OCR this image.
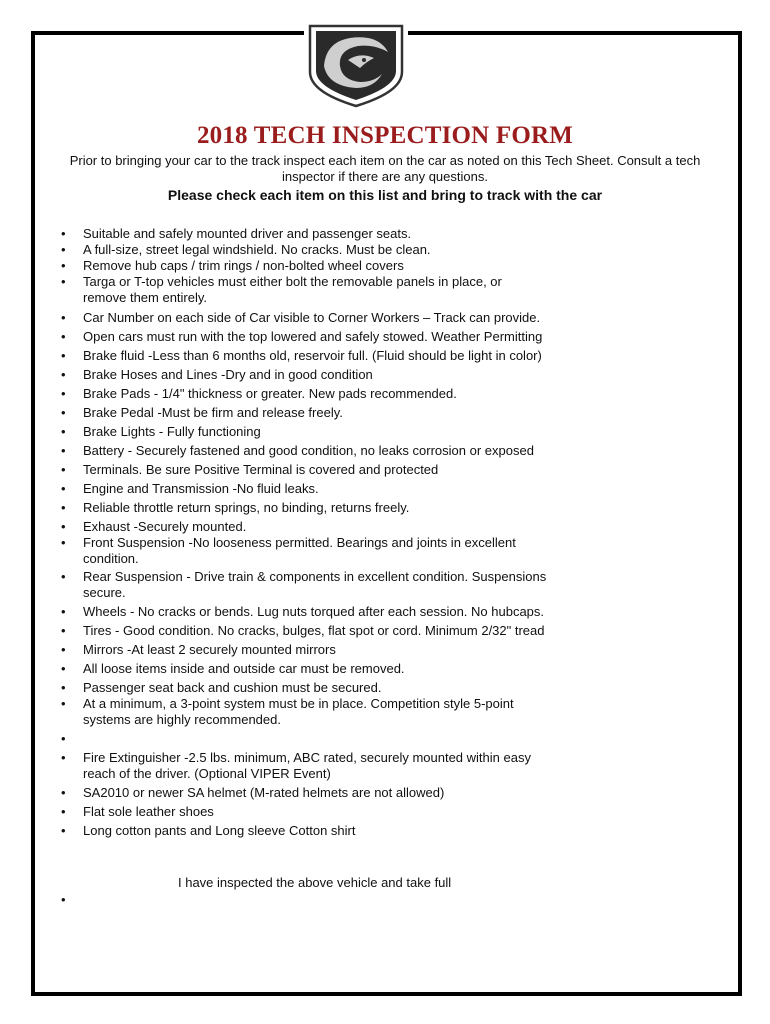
2018 TECH INSPECTION FORM
Prior to bringing your car to the track inspect each item on the car as noted on this Tech Sheet. Consult a tech inspector if there are any questions.
Please check each item on this list and bring to track with the car
• Suitable and safely mounted driver and passenger seats.
• A full-size, street legal windshield. No cracks. Must be clean.
• Remove hub caps / trim rings / non-bolted wheel covers
• Targa or T-top vehicles must either bolt the removable panels in place, or remove them entirely.
• Car Number on each side of Car visible to Corner Workers – Track can provide.
• Open cars must run with the top lowered and safely stowed. Weather Permitting
• Brake fluid -Less than 6 months old, reservoir full. (Fluid should be light in color)
• Brake Hoses and Lines -Dry and in good condition
• Brake Pads - 1/4" thickness or greater. New pads recommended.
• Brake Pedal -Must be firm and release freely.
• Brake Lights - Fully functioning
• Battery - Securely fastened and good condition, no leaks corrosion or exposed
• Terminals. Be sure Positive Terminal is covered and protected
• Engine and Transmission -No fluid leaks.
• Reliable throttle return springs, no binding, returns freely.
• Exhaust -Securely mounted.
• Front Suspension -No looseness permitted. Bearings and joints in excellent condition.
• Rear Suspension - Drive train & components in excellent condition. Suspensions secure.
• Wheels - No cracks or bends. Lug nuts torqued after each session. No hubcaps.
• Tires - Good condition. No cracks, bulges, flat spot or cord. Minimum 2/32" tread
• Mirrors -At least 2 securely mounted mirrors
• All loose items inside and outside car must be removed.
• Passenger seat back and cushion must be secured.
• At a minimum, a 3-point system must be in place. Competition style 5-point systems are highly recommended.
•
• Fire Extinguisher -2.5 lbs. minimum, ABC rated, securely mounted within easy reach of the driver. (Optional VIPER Event)
• SA2010 or newer SA helmet (M-rated helmets are not allowed)
• Flat sole leather shoes
• Long cotton pants and Long sleeve Cotton shirt
I have inspected the above vehicle and take full
•
